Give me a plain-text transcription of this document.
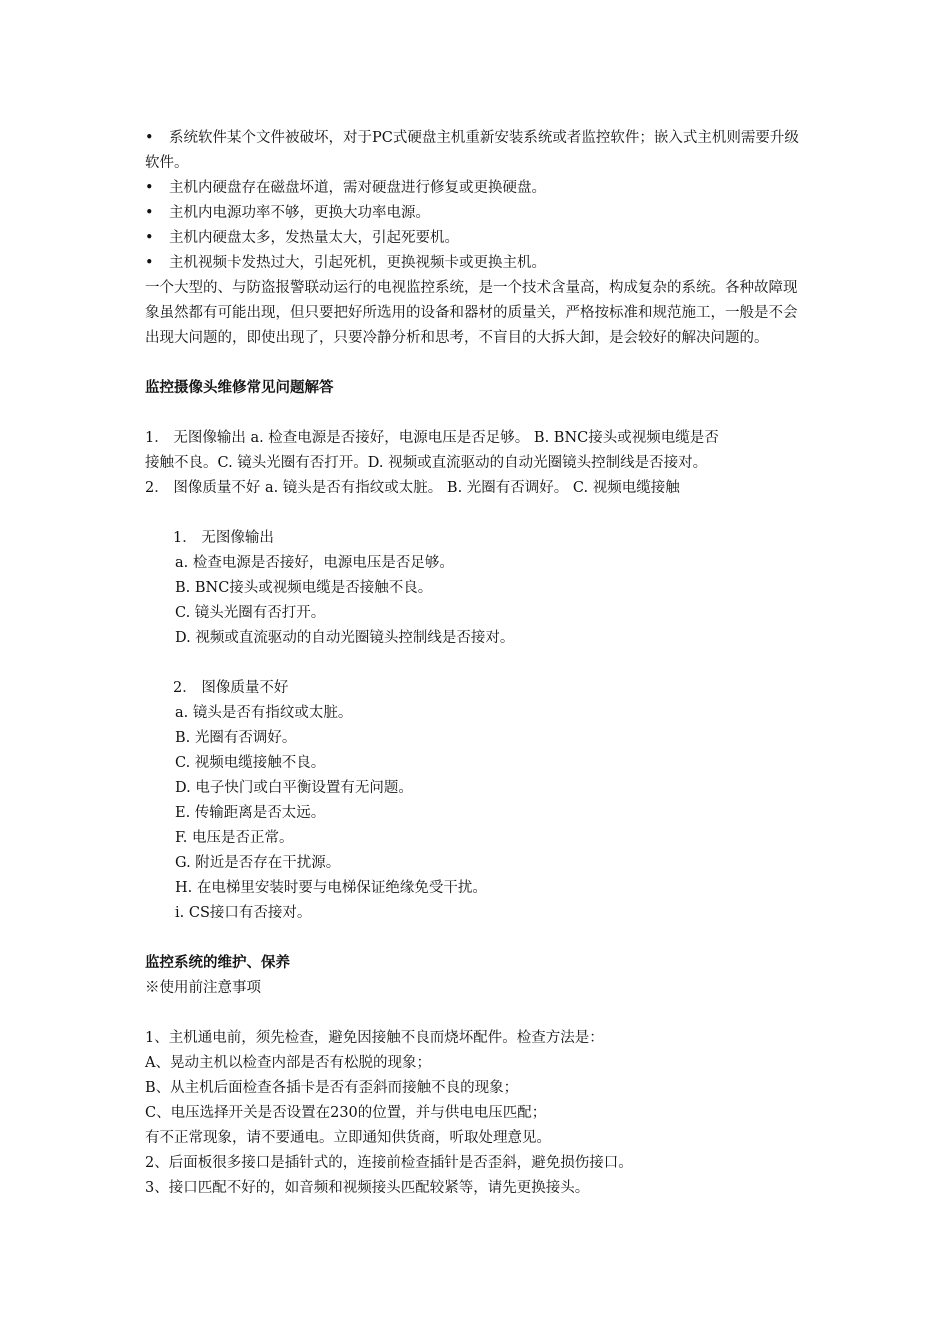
• 系统软件某个文件被破坏，对于PC式硬盘主机重新安装系统或者监控软件；嵌入式主机则需要升级软件。
• 主机内硬盘存在磁盘坏道，需对硬盘进行修复或更换硬盘。
• 主机内电源功率不够，更换大功率电源。
• 主机内硬盘太多，发热量太大，引起死要机。
• 主机视频卡发热过大，引起死机，更换视频卡或更换主机。
一个大型的、与防盗报警联动运行的电视监控系统，是一个技术含量高，构成复杂的系统。各种故障现象虽然都有可能出现，但只要把好所选用的设备和器材的质量关，严格按标准和规范施工，一般是不会出现大问题的，即使出现了，只要冷静分析和思考，不盲目的大拆大卸，是会较好的解决问题的。
监控摄像头维修常见问题解答
1． 无图像输出 a. 检查电源是否接好，电源电压是否足够。 B. BNC接头或视频电缆是否
接触不良。C. 镜头光圈有否打开。D. 视频或直流驱动的自动光圈镜头控制线是否接对。
2． 图像质量不好 a. 镜头是否有指纹或太脏。 B. 光圈有否调好。 C. 视频电缆接触
1． 无图像输出
a. 检查电源是否接好，电源电压是否足够。
B. BNC接头或视频电缆是否接触不良。
C. 镜头光圈有否打开。
D. 视频或直流驱动的自动光圈镜头控制线是否接对。
2． 图像质量不好
a. 镜头是否有指纹或太脏。
B. 光圈有否调好。
C. 视频电缆接触不良。
D. 电子快门或白平衡设置有无问题。
E. 传输距离是否太远。
F. 电压是否正常。
G. 附近是否存在干扰源。
H. 在电梯里安装时要与电梯保证绝缘免受干扰。
i. CS接口有否接对。
监控系统的维护、保养
※使用前注意事项
1、主机通电前，须先检查，避免因接触不良而烧坏配件。检查方法是：
A、晃动主机以检查内部是否有松脱的现象；
B、从主机后面检查各插卡是否有歪斜而接触不良的现象；
C、电压选择开关是否设置在230的位置，并与供电电压匹配；
有不正常现象，请不要通电。立即通知供货商，听取处理意见。
2、后面板很多接口是插针式的，连接前检查插针是否歪斜，避免损伤接口。
3、接口匹配不好的，如音频和视频接头匹配较紧等，请先更换接头。
